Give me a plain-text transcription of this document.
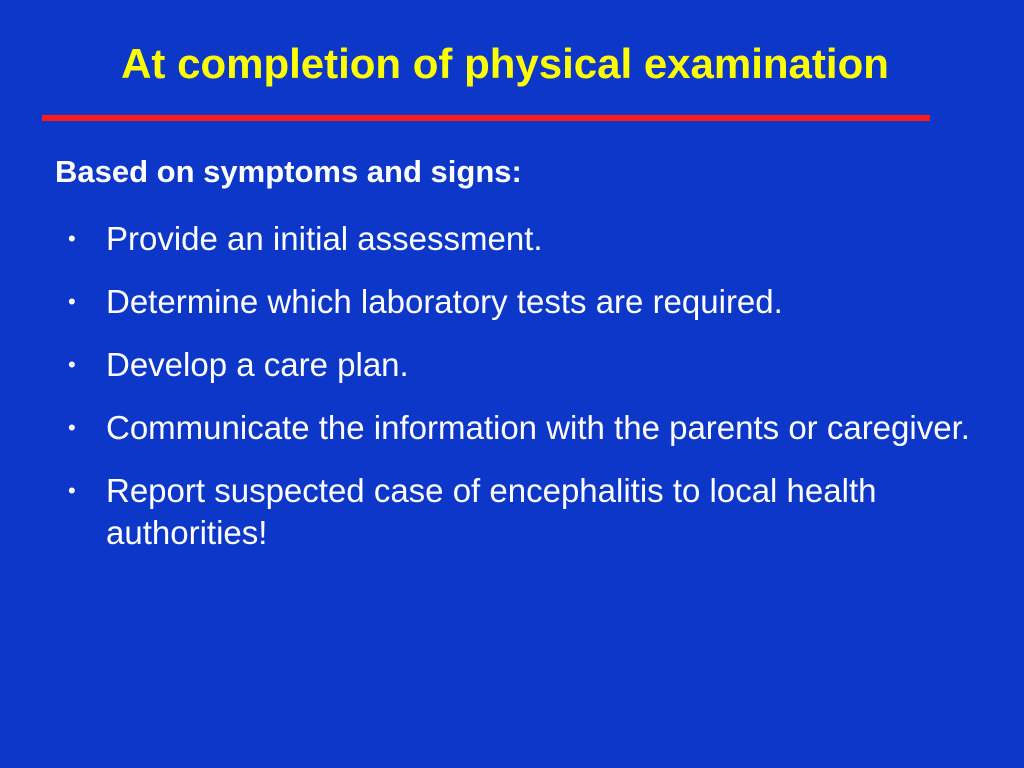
At completion of physical examination
Based on symptoms and signs:
• Provide an initial assessment.
• Determine which laboratory tests are required.
• Develop a care plan.
• Communicate the information with the parents or caregiver.
• Report suspected case of encephalitis to local health authorities!
